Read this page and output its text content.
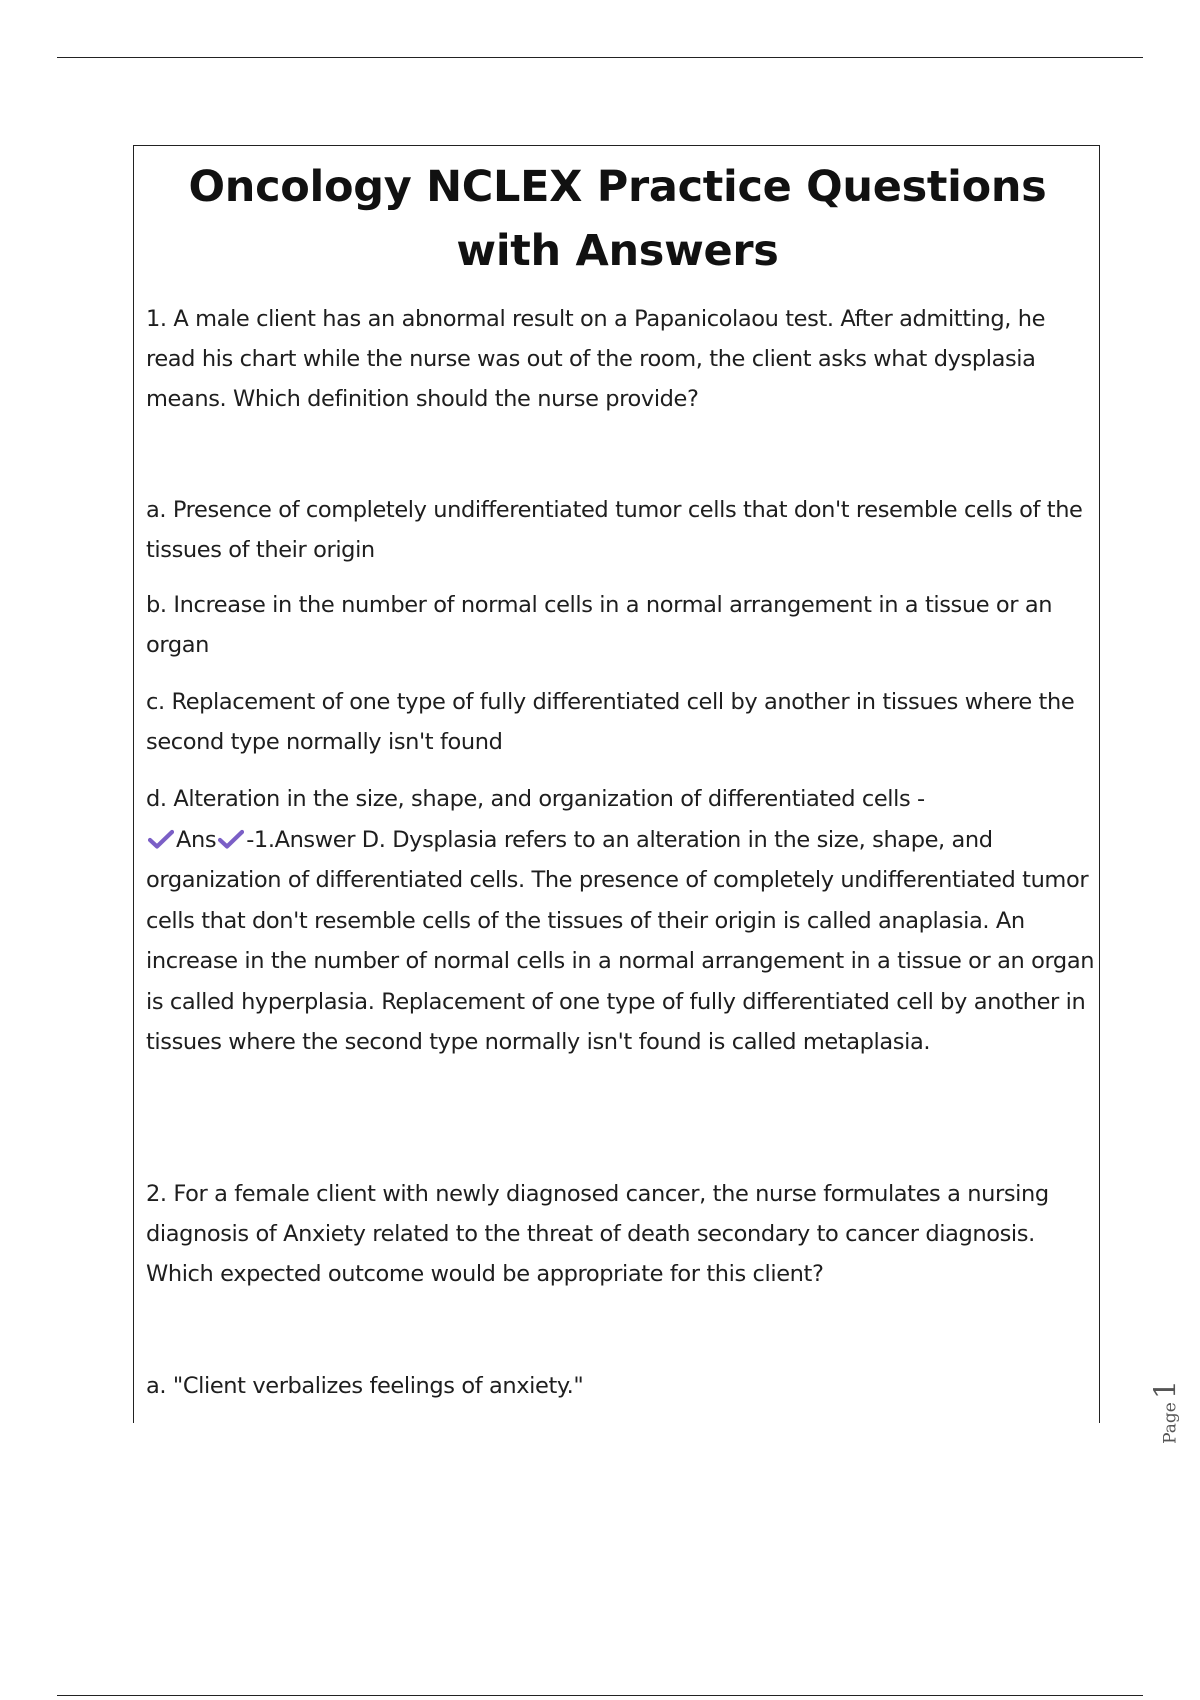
Oncology NCLEX Practice Questions with Answers

1. A male client has an abnormal result on a Papanicolaou test. After admitting, he read his chart while the nurse was out of the room, the client asks what dysplasia means. Which definition should the nurse provide?

a. Presence of completely undifferentiated tumor cells that don't resemble cells of the tissues of their origin

b. Increase in the number of normal cells in a normal arrangement in a tissue or an organ

c. Replacement of one type of fully differentiated cell by another in tissues where the second type normally isn't found

d. Alteration in the size, shape, and organization of differentiated cells -

Ans -1.Answer D. Dysplasia refers to an alteration in the size, shape, and organization of differentiated cells. The presence of completely undifferentiated tumor cells that don't resemble cells of the tissues of their origin is called anaplasia. An increase in the number of normal cells in a normal arrangement in a tissue or an organ is called hyperplasia. Replacement of one type of fully differentiated cell by another in tissues where the second type normally isn't found is called metaplasia.

2. For a female client with newly diagnosed cancer, the nurse formulates a nursing diagnosis of Anxiety related to the threat of death secondary to cancer diagnosis. Which expected outcome would be appropriate for this client?

a. "Client verbalizes feelings of anxiety."

Page1
